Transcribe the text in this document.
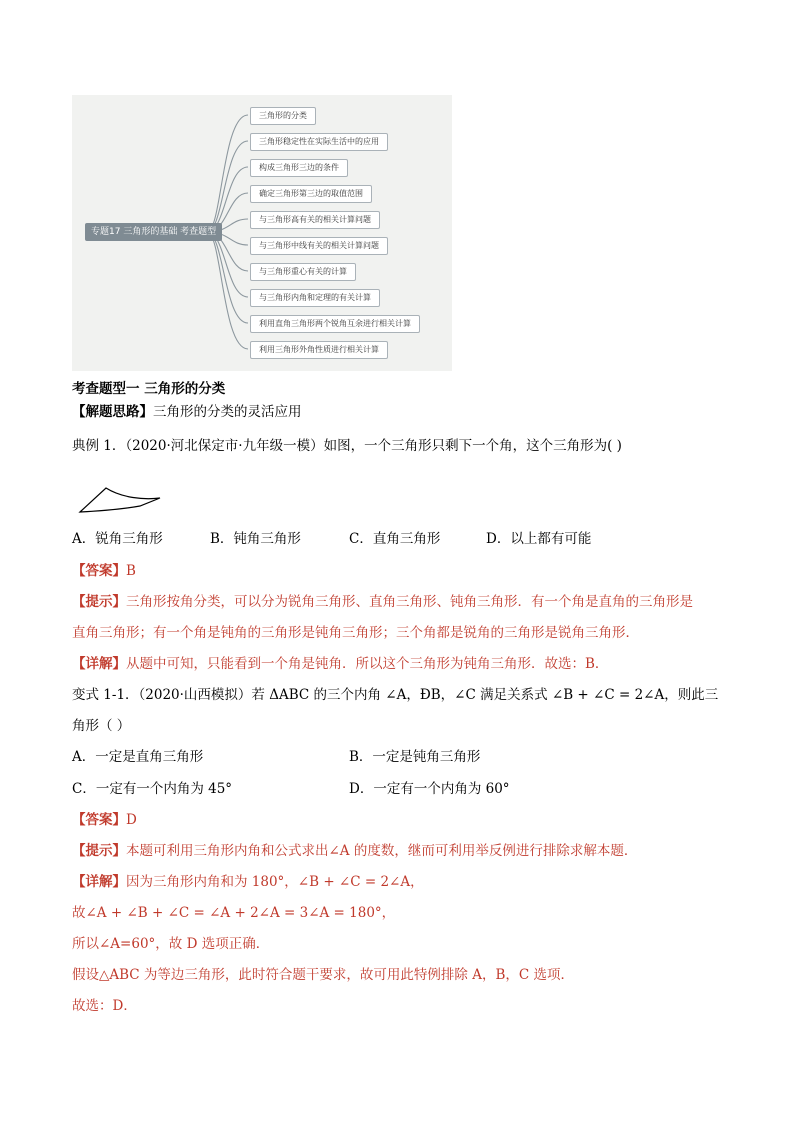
专题17 三角形的基础 考查题型
三角形的分类
三角形稳定性在实际生活中的应用
构成三角形三边的条件
确定三角形第三边的取值范围
与三角形高有关的相关计算问题
与三角形中线有关的相关计算问题
与三角形重心有关的计算
与三角形内角和定理的有关计算
利用直角三角形两个锐角互余进行相关计算
利用三角形外角性质进行相关计算
考查题型一 三角形的分类
【解题思路】三角形的分类的灵活应用
典例 1．（2020·河北保定市·九年级一模）如图，一个三角形只剩下一个角，这个三角形为( )
A．锐角三角形	B．钝角三角形	C．直角三角形	D．以上都有可能
【答案】B
【提示】三角形按角分类，可以分为锐角三角形、直角三角形、钝角三角形．有一个角是直角的三角形是
直角三角形；有一个角是钝角的三角形是钝角三角形；三个角都是锐角的三角形是锐角三角形．
【详解】从题中可知，只能看到一个角是钝角．所以这个三角形为钝角三角形．故选：B．
变式 1-1．（2020·山西模拟）若 ΔABC 的三个内角 ∠A，ÐB，∠C 满足关系式 ∠B + ∠C = 2∠A，则此三
角形（ ）
A．一定是直角三角形	B．一定是钝角三角形
C．一定有一个内角为 45°	D．一定有一个内角为 60°
【答案】D
【提示】本题可利用三角形内角和公式求出∠A 的度数，继而可利用举反例进行排除求解本题．
【详解】因为三角形内角和为 180°，∠B + ∠C = 2∠A，
故∠A + ∠B + ∠C = ∠A + 2∠A = 3∠A = 180°，
所以∠A=60°，故 D 选项正确．
假设△ABC 为等边三角形，此时符合题干要求，故可用此特例排除 A，B，C 选项．
故选：D．
